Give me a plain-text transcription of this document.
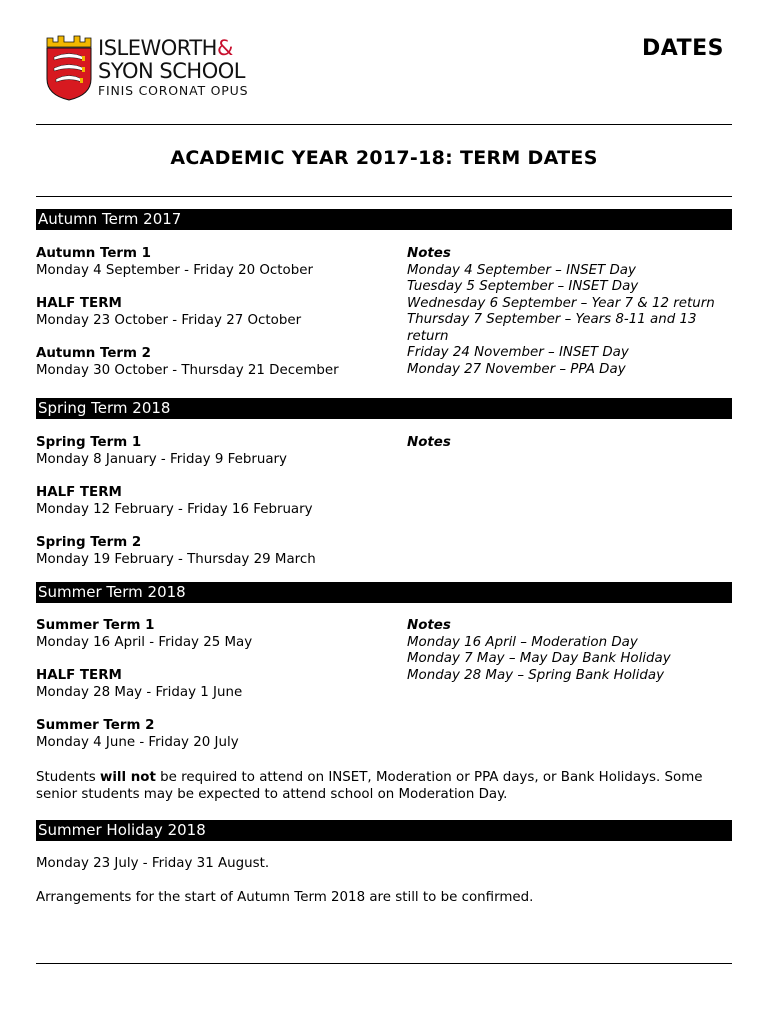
ISLEWORTH&
SYON SCHOOL
FINIS CORONAT OPUS
DATES
ACADEMIC YEAR 2017-18: TERM DATES
Autumn Term 2017
Autumn Term 1
Monday 4 September - Friday 20 October
HALF TERM
Monday 23 October - Friday 27 October
Autumn Term 2
Monday 30 October - Thursday 21 December
Notes
Monday 4 September – INSET Day
Tuesday 5 September – INSET Day
Wednesday 6 September – Year 7 & 12 return
Thursday 7 September – Years 8-11 and 13
return
Friday 24 November – INSET Day
Monday 27 November – PPA Day
Spring Term 2018
Spring Term 1
Monday 8 January - Friday 9 February
HALF TERM
Monday 12 February - Friday 16 February
Spring Term 2
Monday 19 February - Thursday 29 March
Notes
Summer Term 2018
Summer Term 1
Monday 16 April - Friday 25 May
HALF TERM
Monday 28 May - Friday 1 June
Summer Term 2
Monday 4 June - Friday 20 July
Notes
Monday 16 April – Moderation Day
Monday 7 May – May Day Bank Holiday
Monday 28 May – Spring Bank Holiday
Students will not be required to attend on INSET, Moderation or PPA days, or Bank Holidays. Some senior students may be expected to attend school on Moderation Day.
Summer Holiday 2018
Monday 23 July - Friday 31 August.
Arrangements for the start of Autumn Term 2018 are still to be confirmed.
